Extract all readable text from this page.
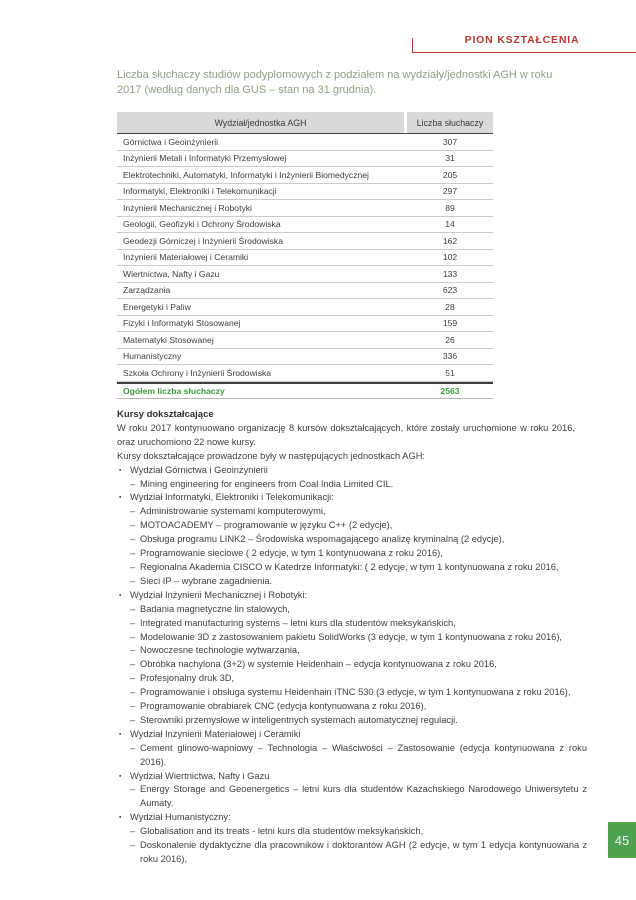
PION KSZTAŁCENIA

Liczba słuchaczy studiów podyplomowych z podziałem na wydziały/jednostki AGH w roku 2017 (według danych dla GUS – stan na 31 grudnia).

Wydział/jednostka AGH	Liczba słuchaczy
Górnictwa i Geoinżynierii	307
Inżynierii Metali i Informatyki Przemysłowej	31
Elektrotechniki, Automatyki, Informatyki i Inżynierii Biomedycznej	205
Informatyki, Elektroniki i Telekomunikacji	297
Inżynierii Mechanicznej i Robotyki	89
Geologii, Geofizyki i Ochrony Środowiska	14
Geodezji Górniczej i Inżynierii Środowiska	162
Inżynierii Materiałowej i Ceramiki	102
Wiertnictwa, Nafty i Gazu	133
Zarządzania	623
Energetyki i Paliw	28
Fizyki i Informatyki Stosowanej	159
Matematyki Stosowanej	26
Humanistyczny	336
Szkoła Ochrony i Inżynierii Środowiska	51
Ogółem liczba słuchaczy	2563
Kursy dokształcające

W roku 2017 kontynuowano organizację 8 kursów dokształcających, które zostały uruchomione w roku 2016, oraz uruchomiono 22 nowe kursy.

Kursy dokształcające prowadzone były w następujących jednostkach AGH:

▪ Wydział Górnictwa i Geoinżynierii
– Mining engineering for engineers from Coal India Limited CIL.
▪ Wydział Informatyki, Elektroniki i Telekomunikacji:
– Administrowanie systemami komputerowymi,
– MOTOACADEMY – programowanie w języku C++ (2 edycje),
– Obsługa programu LINK2 – Środowiska wspomagającego analizę kryminalną (2 edycje),
– Programowanie sieciowe ( 2 edycje, w tym 1 kontynuowana z roku 2016),
– Regionalna Akademia CISCO w Katedrze Informatyki: ( 2 edycje, w tym 1 kontynuowana z roku 2016,
– Sieci IP – wybrane zagadnienia.
▪ Wydział Inżynierii Mechanicznej i Robotyki:
– Badania magnetyczne lin stalowych,
– Integrated manufacturing systems – letni kurs dla studentów meksykańskich,
– Modelowanie 3D z zastosowaniem pakietu SolidWorks (3 edycje, w tym 1 kontynuowana z roku 2016),
– Nowoczesne technologie wytwarzania,
– Obróbka nachylona (3+2) w systemie Heidenhain – edycja kontynuowana z roku 2016,
– Profesjonalny druk 3D,
– Programowanie i obsługa systemu Heidenhain iTNC 530 (3 edycje, w tym 1 kontynuowana z roku 2016),
– Programowanie obrabiarek CNC (edycja kontynuowana z roku 2016),
– Sterowniki przemysłowe w inteligentnych systemach automatycznej regulacji.
▪ Wydział Inżynierii Materiałowej i Ceramiki
– Cement glinowo-wapniowy – Technologia – Właściwości – Zastosowanie (edycja kontynuowana z roku 2016).
▪ Wydział Wiertnictwa, Nafty i Gazu
– Energy Storage and Geoenergetics – letni kurs dla studentów Kazachskiego Narodowego Uniwersytetu z Aumaty.
▪ Wydział Humanistyczny:
– Globalisation and its treats - letni kurs dla studentów meksykańskich,
– Doskonalenie dydaktyczne dla pracowników i doktorantów AGH (2 edycje, w tym 1 edycja kontynuowana z roku 2016),
45
